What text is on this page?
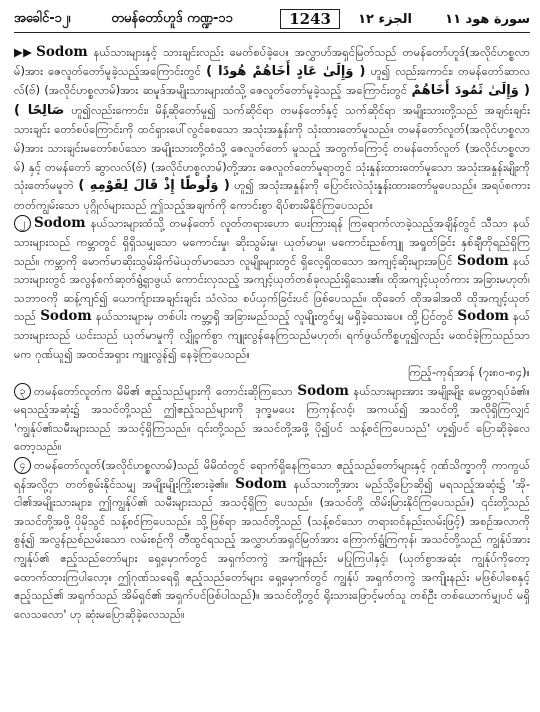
အခေါင်-၁၂၊	တမန်တော်ဟူဒ် ကဏ္ဍ-၁၁	1243	الجزء ١٢	سورة هود ١١

▶▶ Sodom နယ်သားများနှင့် သားချင်းလည်း မေတ်စပ်ခဲ့ပေ။ အလွှာဟ်အရှင်မြတ်သည် တမန်တော်ဟူဒ်(အလိုင်ဟစ္စလာမ်)အား ဇေလူတ်တော်မူခဲ့သည့်အကြောင်းတွင် ( وَإِلَىٰ عَادٍ أَخَاهُمْ هُودًا ) ဟူ၍ လည်းကောင်း၊ တမန်တော်ဆာလလ်(ဗ်) (အလိုင်ဟစ္စလာမ်)အား ဆမူဒ်အမျိုးသားများထံသို့ ဇေလူတ်တော်မူခဲ့သည့် အကြောင်းတွင် ( وَإِلَىٰ ثَمُودَ أَخَاهُمْ صَالِحًا ) ဟူ၍လည်းကောင်း၊ မိန့်ဆိုတော်မူ၍ သက်ဆိုင်ရာ တမန်တော်နှင့် သက်ဆိုင်ရာ အမျိုးသားတို့သည် အချင်းချင်းသားချင်း တော်စပ်ကြောင်းကို ထင်ရှားပေါ်လွင်စေသော အသုံးအနှုန်းကို သုံးထားတော်မူသည်။ တမန်တော်လူတ်(အလိုင်ဟစ္စလာမ်)အား သားချင်းမတော်စပ်သော အမျိုးသားတို့ထံသို့ ဇေလူတ်တော် မူသည့် အတွက်ကြောင့် တမန်တော်လူတ် (အလိုင်ဟစ္စလာမ်) နှင့် တမန်တော် ဆွာလလ်(ဗ်) (အလိုင်ဟစ္စလာမ်)တို့အား ဇေလူတ်တော်မူရာတွင် သုံးနှုန်းထားတော်မူသော အသုံးအနှုန်းမျိုးကို သုံးတော်မမူဘဲ ( وَلُوطًا إِذْ قَالَ لِقَوْمِهِ ) ဟူ၍ အသုံးအနှုန်းကို ပြောင်းလဲသုံးနှုန်းထားတော်မူပေသည်။ အရပ်စကား တတ်ကျွမ်းသော ပုဂ္ဂိုလ်များသည် ဤသည့်အချက်ကို ကောင်းစွာ ရိပ်စားမိနိုင်ကြပေသည်။

၂ Sodom နယ်သားများထံသို့ တမန်တော် လူတ်တရားဟော ပေးကြားရန် ကြရောက်လာခဲ့သည့်အချိန်တွင် သီသာ နယ်သားများသည် ကမ္ဘာတွင် ရှိရှိသမျှသော မကောင်းမှု၊ ဆိုးသွမ်းမှု၊ ယုတ်မာမှု၊ မကောင်းညစ်ကျူ အရှုတ်ခြင်း နှစ်ချီတိုရည်ရှိကြသည်။ ကမ္ဘာကို မောက်မာဆိုးသွမ်းမိုက်မဲယုတ်မာသော လူမျိုးများတွင် ရှိလေ့ရှိထသော အကျင့်ဆိုးများအပြင် Sodom နယ်သားများတွင် အလွန်စက်ဆုတ်ရွံ့ရှာဖွယ် ကောင်းလှသည့် အကျင့်ယုတ်တစ်ခုလည်းရှိသေး၏။ ထိုအကျင့်ယုတ်ကား အခြားမဟုတ်၊ သဘာဝကို ဆန့်ကျင်၍ ယောက်ျားအချင်းချင်း သံလဲသ စပ်ယှက်ခြင်းပင် ဖြစ်ပေသည်။ ထိုခေတ် ထိုအခါအထိ ထိုအကျင့်ယုတ်သည် Sodom နယ်သားများမှ တစ်ပါး ကမ္ဘာ့ရှိ အခြားမည်သည့် လူမျိုးတွင်မျှ မရှိခဲ့သေးပေ။ ထို့ပြင်တွင် Sodom နယ်သားများသည် ယင်းသည် ယုတ်မာမှုကို လျှို့ဝှက်စွာ ကျူးလွန်နေကြသည်မဟုတ်၊ ရက်ဖွယ်ကိစ္စဟူ၍လည်း မထင်ခဲ့ကြသည်သာမက ဂုဏ်ယူ၍ အထင်အရှား ကျူးလွန်၍ နေခဲ့ကြပေသည်။

ကြည့်-ကုရ်အာန် (၇း၈၀-၈၄)။

၃ တမန်တော်လူတ်က မိမိ၏ ဧည့်သည်များကို တောင်းဆိုကြသော Sodom နယ်သားများအား အမျိုးမျိုး မေတ္တာရပ်ခံ၏။ မရသည့်အဆုံး၌ အသင်တို့သည် ဤဧည့်သည်များကို ဒုက္ခမပေး ကြကုန်လင့်၊ အကယ်၍ အသင်တို့ အလိုရှိကြလျှင် 'ကျွန်ုပ်၏သမီးများသည် အသင့်ရှိကြသည်။ ၎င်းတို့သည် အသင်တို့အဖို့ ပို၍ပင် သန့်စင်ကြပေသည်' ဟူ၍ပင် ပြောဆိုခဲ့လေတော့သည်။

၄ တမန်တော်လူတ်(အလိုင်ဟစ္စလာမ်)သည် မိမိထံတွင် ရောက်ရှိနေကြသော ဧည့်သည်တော်များနှင့် ဂုဏ်သိက္ခာကို ကာကွယ်ရန်အလို့ငှာ တတ်စွမ်းနိုင်သမျှ အမျိုးမျိုးကြိုးစားခဲ့၏။ Sodom နယ်သားတို့အား မည်သို့ပြောဆို၍ မရသည့်အဆုံး၌ 'အို-ငါ၏အမျိုးသားများ၊ ဤကျွန်ုပ်၏ သမီးများသည် အသင့်ရှိကြ ပေသည်။ (အသင်တို့ ထိမ်းမြားနိုင်ကြပေသည်။) ၎င်းတို့သည် အသင်တို့အဖို့ ပိုမိုသွင် သန့်စင်ကြပေသည်။ သို့ဖြစ်ရာ အသင်တို့သည် (သန့်စင်သော တရားဝင်နည်းလမ်းဖြင့်) အစဉ်အလာကို စွန့်၍ အလွန်ညစ်ညမ်းသော လမ်းစဉ်ကို တီထွင်ရသည့် အလွှာဟ်အရှင်မြတ်အား ကြောက်ရွံ့ကြကုန်၊ အသင်တို့သည် ကျွန်ုပ်အား ကျွန်ုပ်၏ ဧည့်သည်တော်များ ရှေ့မှောက်တွင် အရှက်တကွဲ အကျိုးနည်း မပြုကြပါနှင့်၊ (ယုတ်စွာအဆုံး ကျွန်ုပ်ကိုတော့ ထောက်ထားကြပါလော့။ ဤဂုဏ်သရေရှိ ဧည့်သည်တော်များ ရှေ့မှောက်တွင် ကျွန်ုပ် အရှက်တကွဲ အကျိုးနည်း မဖြစ်ပါစေနှင့် ဧည့်သည်၏ အရှက်သည် အိမ်ရှင်၏ အရှက်ပင်ဖြစ်ပါသည်)။ အသင်တို့တွင် ရိုးသားဖြောင့်မတ်သူ တစ်ဦး တစ်ယောက်မျှပင် မရှိလေသလော' ဟု ဆုံးမပြောဆိုခဲ့လေသည်။
